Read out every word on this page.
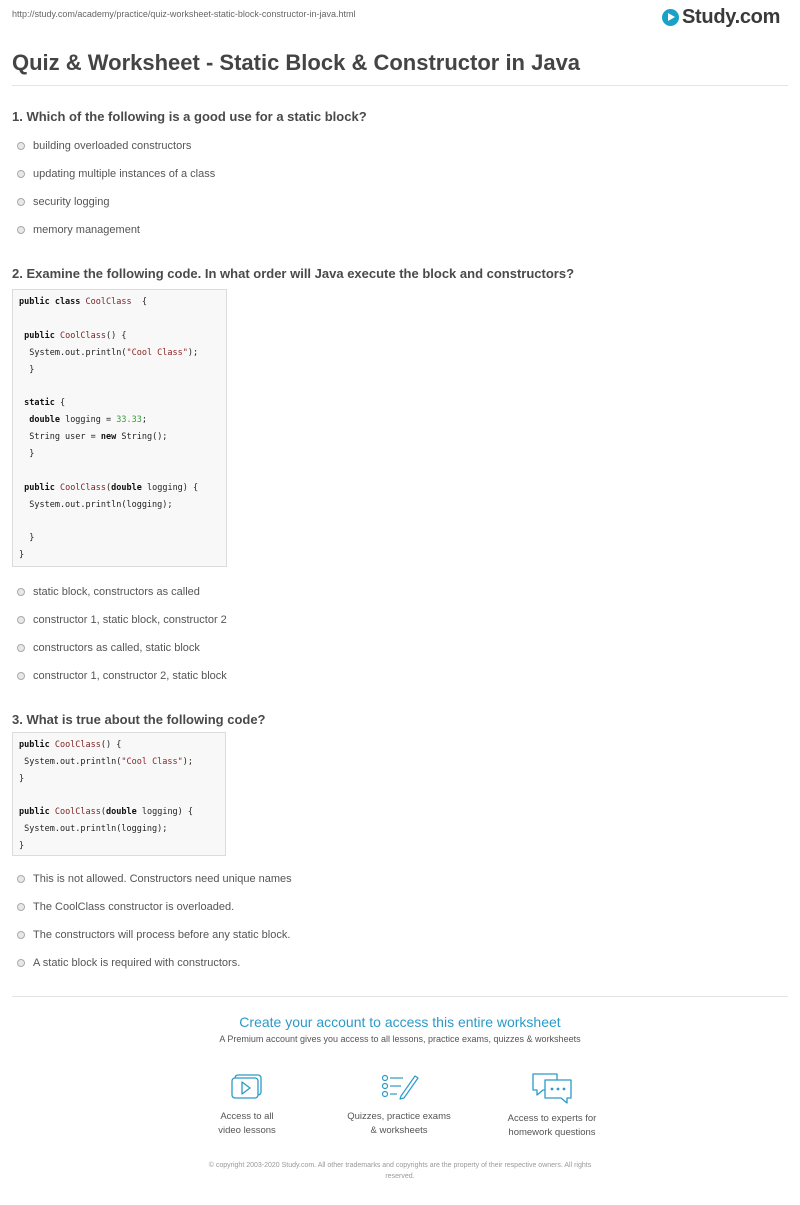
http://study.com/academy/practice/quiz-worksheet-static-block-constructor-in-java.html	Study.com
Quiz & Worksheet - Static Block & Constructor in Java
1. Which of the following is a good use for a static block?
building overloaded constructors
updating multiple instances of a class
security logging
memory management
2. Examine the following code. In what order will Java execute the block and constructors?
public class CoolClass  {
public CoolClass() {
System.out.println("Cool Class");
}
static {
double logging = 33.33;
String user = new String();
}
public CoolClass(double logging) {
System.out.println(logging);
}
}
static block, constructors as called
constructor 1, static block, constructor 2
constructors as called, static block
constructor 1, constructor 2, static block
3. What is true about the following code?
public CoolClass() {
System.out.println("Cool Class");
}
public CoolClass(double logging) {
System.out.println(logging);
}
This is not allowed. Constructors need unique names
The CoolClass constructor is overloaded.
The constructors will process before any static block.
A static block is required with constructors.
Create your account to access this entire worksheet
A Premium account gives you access to all lessons, practice exams, quizzes & worksheets
Access to all
video lessons
Quizzes, practice exams
& worksheets
Access to experts for
homework questions
© copyright 2003-2020 Study.com. All other trademarks and copyrights are the property of their respective owners. All rights
reserved.
